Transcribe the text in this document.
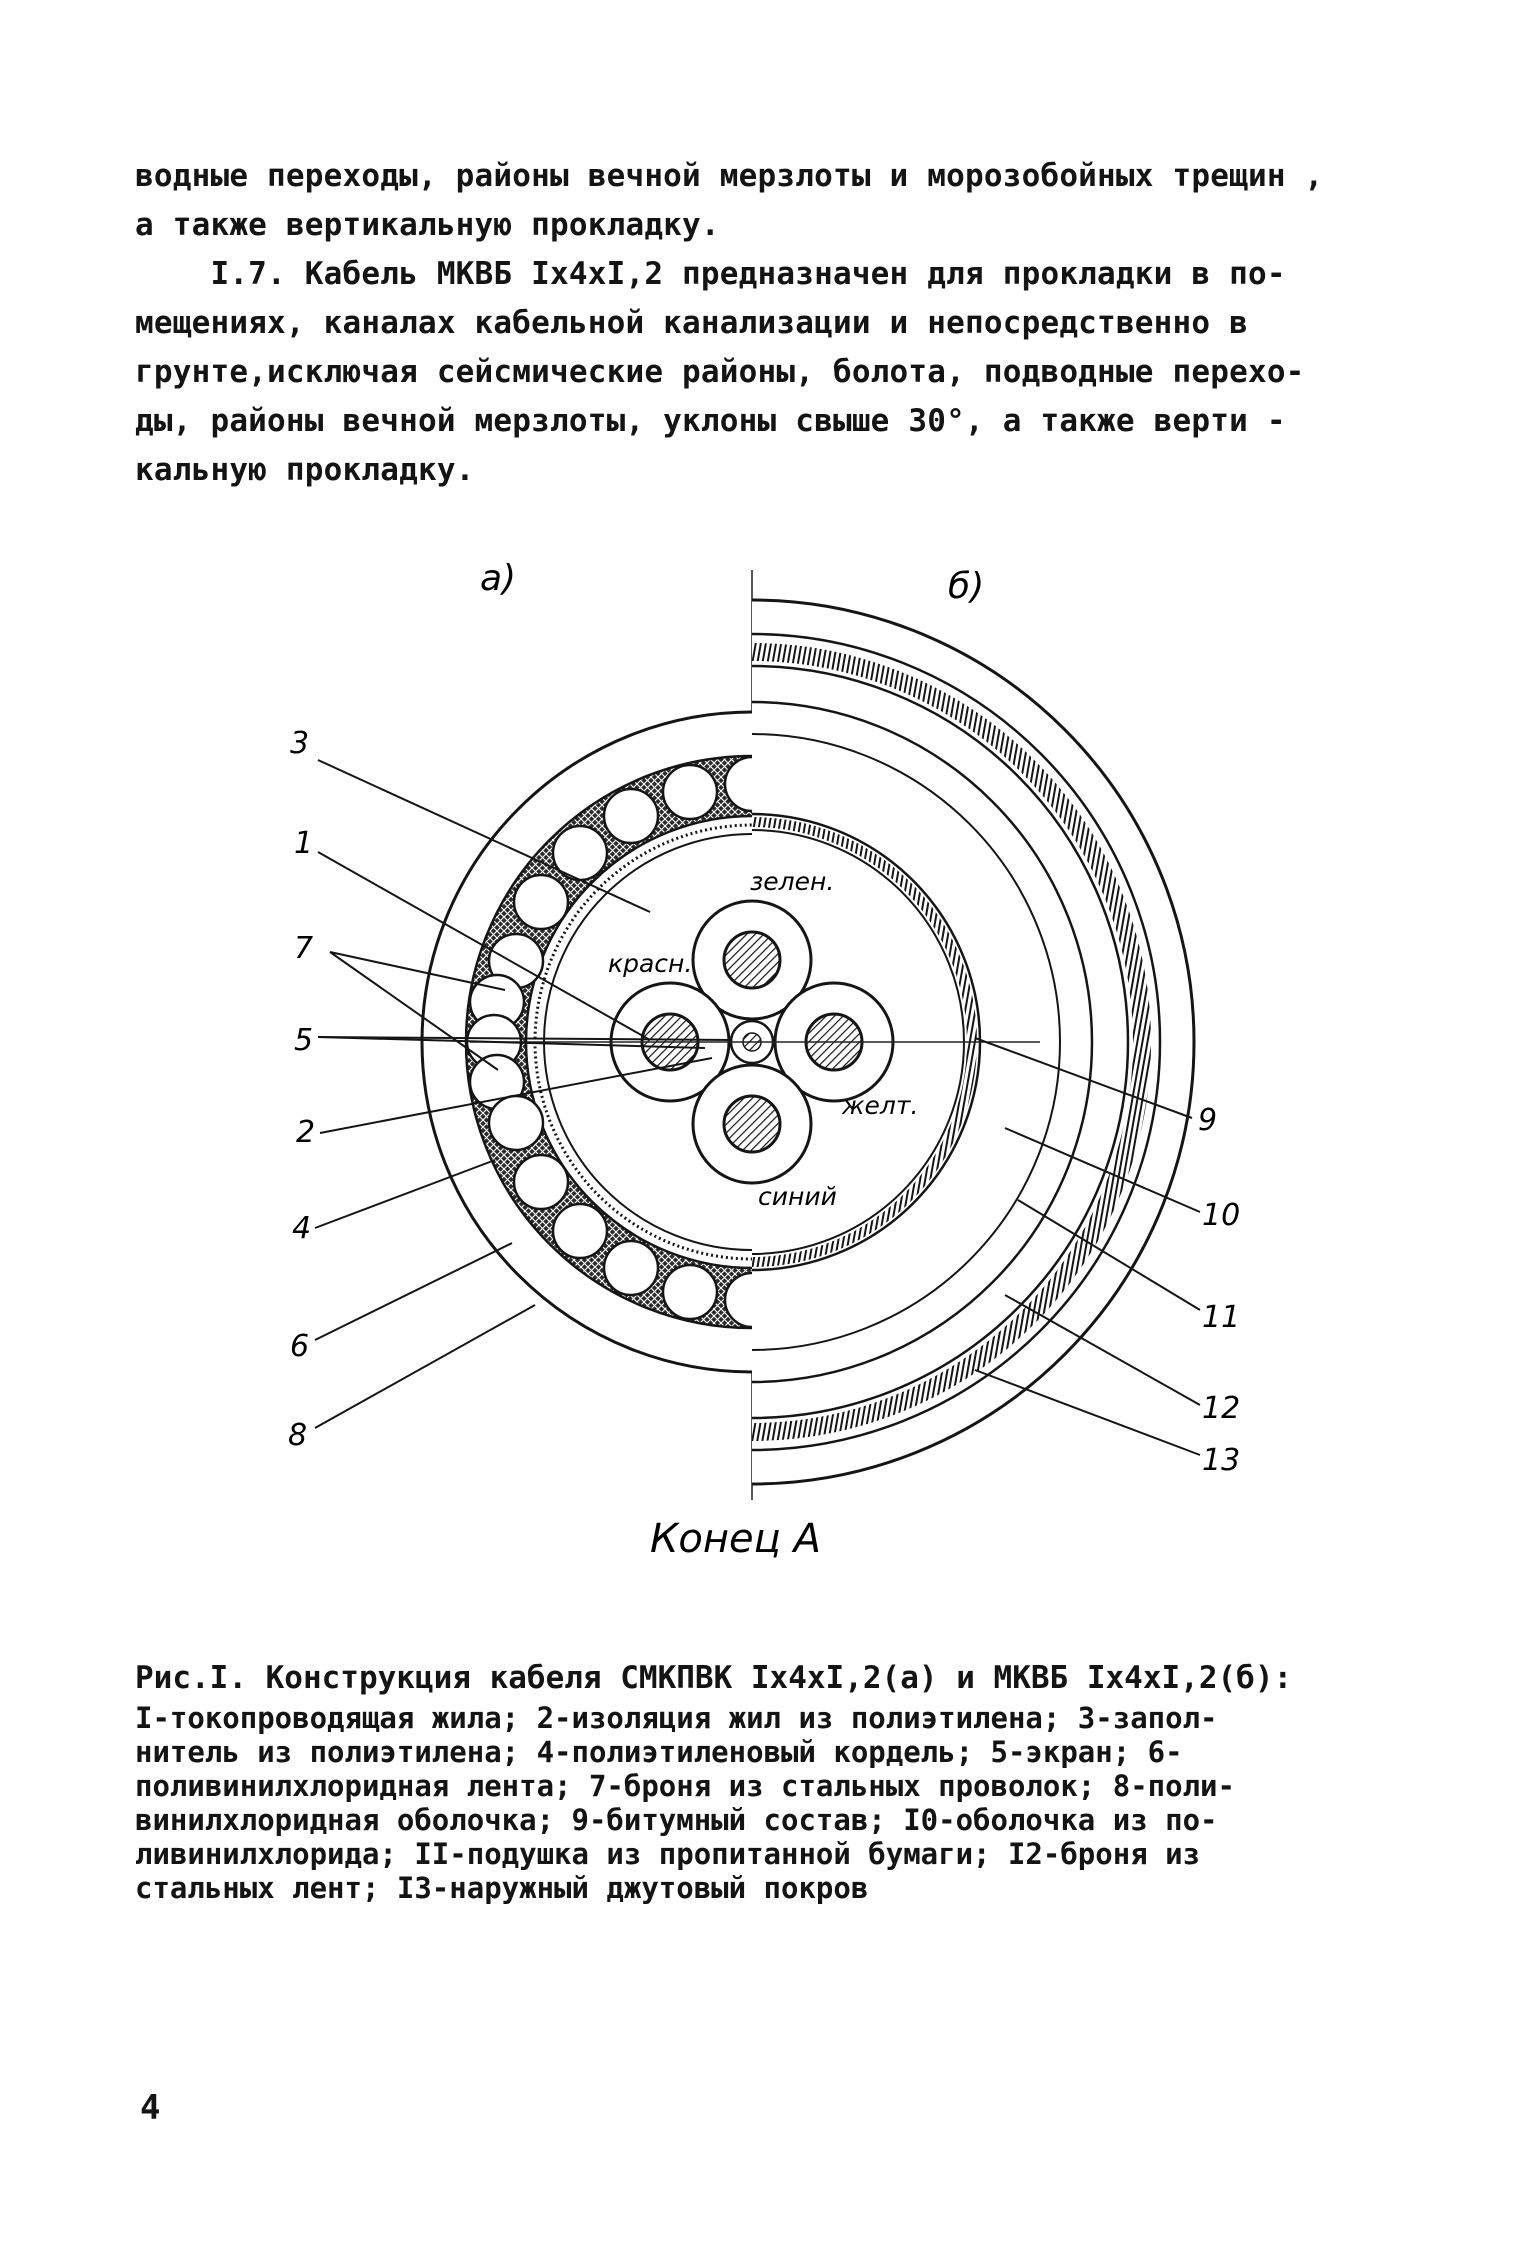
водные переходы, районы вечной мерзлоты и морозобойных трещин ,
а также вертикальную прокладку.
I.7. Кабель МКВБ Iх4хI,2 предназначен для прокладки в по-
мещениях, каналах кабельной канализации и непосредственно в
грунте,исключая сейсмические районы, болота, подводные перехо-
ды, районы вечной мерзлоты, уклоны свыше 30°, а также верти -
кальную прокладку.
а)	б)
зелен.
красн.
желт.
синий
3
1
7
5
2
4
6
8
9
10
11
12
13
Конец А
Рис.I. Конструкция кабеля СМКПВК Iх4хI,2(а) и МКВБ Iх4хI,2(б):
I-токопроводящая жила; 2-изоляция жил из полиэтилена; 3-запол-
нитель из полиэтилена; 4-полиэтиленовый кордель; 5-экран; 6-
поливинилхлоридная лента; 7-броня из стальных проволок; 8-поли-
винилхлоридная оболочка; 9-битумный состав; I0-оболочка из по-
ливинилхлорида; II-подушка из пропитанной бумаги; I2-броня из
стальных лент; I3-наружный джутовый покров
4
